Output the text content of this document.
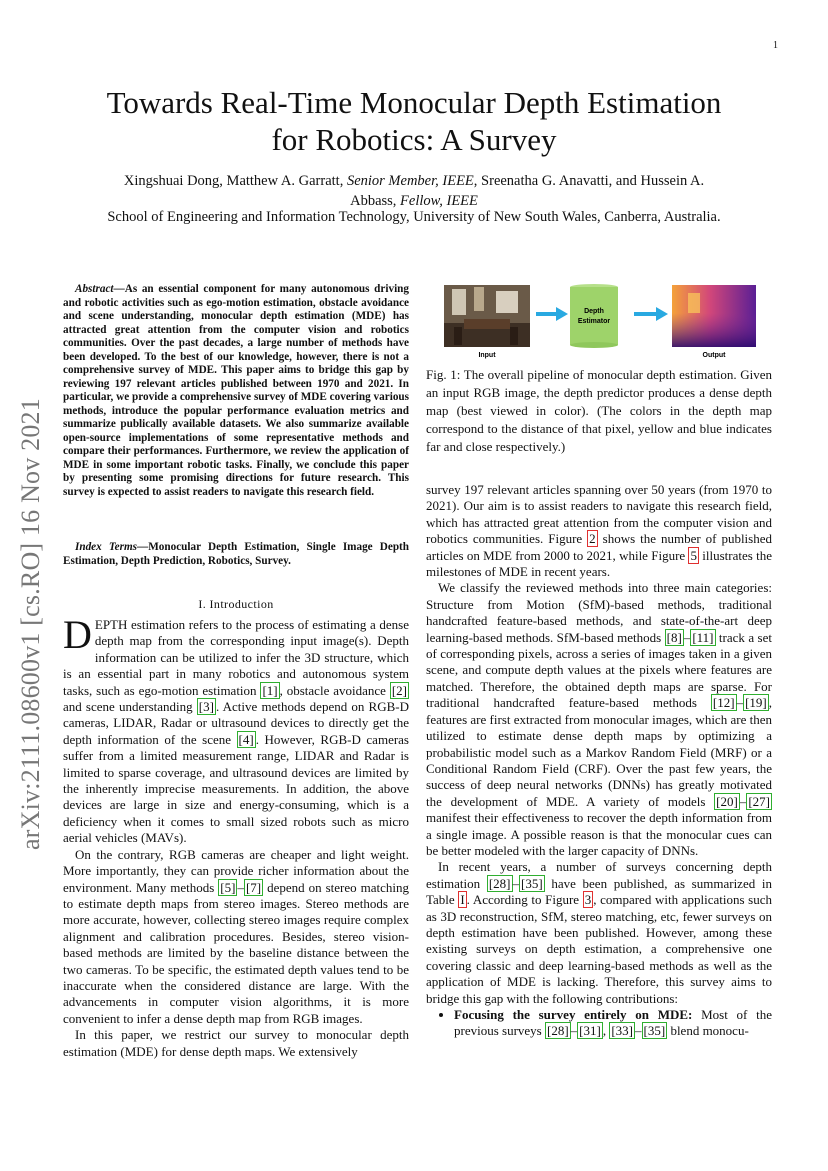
1
arXiv:2111.08600v1 [cs.RO] 16 Nov 2021
Towards Real-Time Monocular Depth Estimation
for Robotics: A Survey
Xingshuai Dong, Matthew A. Garratt, Senior Member, IEEE, Sreenatha G. Anavatti, and Hussein A.
Abbass, Fellow, IEEE
School of Engineering and Information Technology, University of New South Wales, Canberra, Australia.

Abstract—As an essential component for many autonomous driving and robotic activities such as ego-motion estimation, obstacle avoidance and scene understanding, monocular depth estimation (MDE) has attracted great attention from the computer vision and robotics communities. Over the past decades, a large number of methods have been developed. To the best of our knowledge, however, there is not a comprehensive survey of MDE. This paper aims to bridge this gap by reviewing 197 relevant articles published between 1970 and 2021. In particular, we provide a comprehensive survey of MDE covering various methods, introduce the popular performance evaluation metrics and summarize publically available datasets. We also summarize available open-source implementations of some representative methods and compare their performances. Furthermore, we review the application of MDE in some important robotic tasks. Finally, we conclude this paper by presenting some promising directions for future research. This survey is expected to assist readers to navigate this research field.

Index Terms—Monocular Depth Estimation, Single Image Depth Estimation, Depth Prediction, Robotics, Survey.

I. Introduction

DEPTH estimation refers to the process of estimating a dense depth map from the corresponding input image(s). Depth information can be utilized to infer the 3D structure, which is an essential part in many robotics and autonomous system tasks, such as ego-motion estimation [1] , obstacle avoidance [2] and scene understanding [3] . Active methods depend on RGB-D cameras, LIDAR, Radar or ultrasound devices to directly get the depth information of the scene [4] . However, RGB-D cameras suffer from a limited measurement range, LIDAR and Radar is limited to sparse coverage, and ultrasound devices are limited by the inherently imprecise measurements. In addition, the above devices are large in size and energy-consuming, which is a deficiency when it comes to small sized robots such as micro aerial vehicles (MAVs).

On the contrary, RGB cameras are cheaper and light weight. More importantly, they can provide richer information about the environment. Many methods [5] – [7] depend on stereo matching to estimate depth maps from stereo images. Stereo methods are more accurate, however, collecting stereo images require complex alignment and calibration procedures. Besides, stereo vision-based methods are limited by the baseline distance between the two cameras. To be specific, the estimated depth values tend to be inaccurate when the considered distance are large. With the advancements in computer vision algorithms, it is more convenient to infer a dense depth map from RGB images.

In this paper, we restrict our survey to monocular depth estimation (MDE) for dense depth maps. We extensively

Input
Depth
Estimator
Output
Fig. 1: The overall pipeline of monocular depth estimation. Given an input RGB image, the depth predictor produces a dense depth map (best viewed in color). (The colors in the depth map correspond to the distance of that pixel, yellow and blue indicates far and close respectively.)

survey 197 relevant articles spanning over 50 years (from 1970 to 2021). Our aim is to assist readers to navigate this research field, which has attracted great attention from the computer vision and robotics communities. Figure 2 shows the number of published articles on MDE from 2000 to 2021, while Figure 5 illustrates the milestones of MDE in recent years.

We classify the reviewed methods into three main categories: Structure from Motion (SfM)-based methods, traditional handcrafted feature-based methods, and state-of-the-art deep learning-based methods. SfM-based methods [8] – [11] track a set of corresponding pixels, across a series of images taken in a given scene, and compute depth values at the pixels where features are matched. Therefore, the obtained depth maps are sparse. For traditional handcrafted feature-based methods [12] – [19] , features are first extracted from monocular images, which are then utilized to estimate dense depth maps by optimizing a probabilistic model such as a Markov Random Field (MRF) or a Conditional Random Field (CRF). Over the past few years, the success of deep neural networks (DNNs) has greatly motivated the development of MDE. A variety of models [20] – [27] manifest their effectiveness to recover the depth information from a single image. A possible reason is that the monocular cues can be better modeled with the larger capacity of DNNs.

In recent years, a number of surveys concerning depth estimation [28] – [35] have been published, as summarized in Table I . According to Figure 3 , compared with applications such as 3D reconstruction, SfM, stereo matching, etc, fewer surveys on depth estimation have been published. However, among these existing surveys on depth estimation, a comprehensive one covering classic and deep learning-based methods as well as the application of MDE is lacking. Therefore, this survey aims to bridge this gap with the following contributions:

• Focusing the survey entirely on MDE: Most of the previous surveys [28] – [31] , [33] – [35] blend monocu-
